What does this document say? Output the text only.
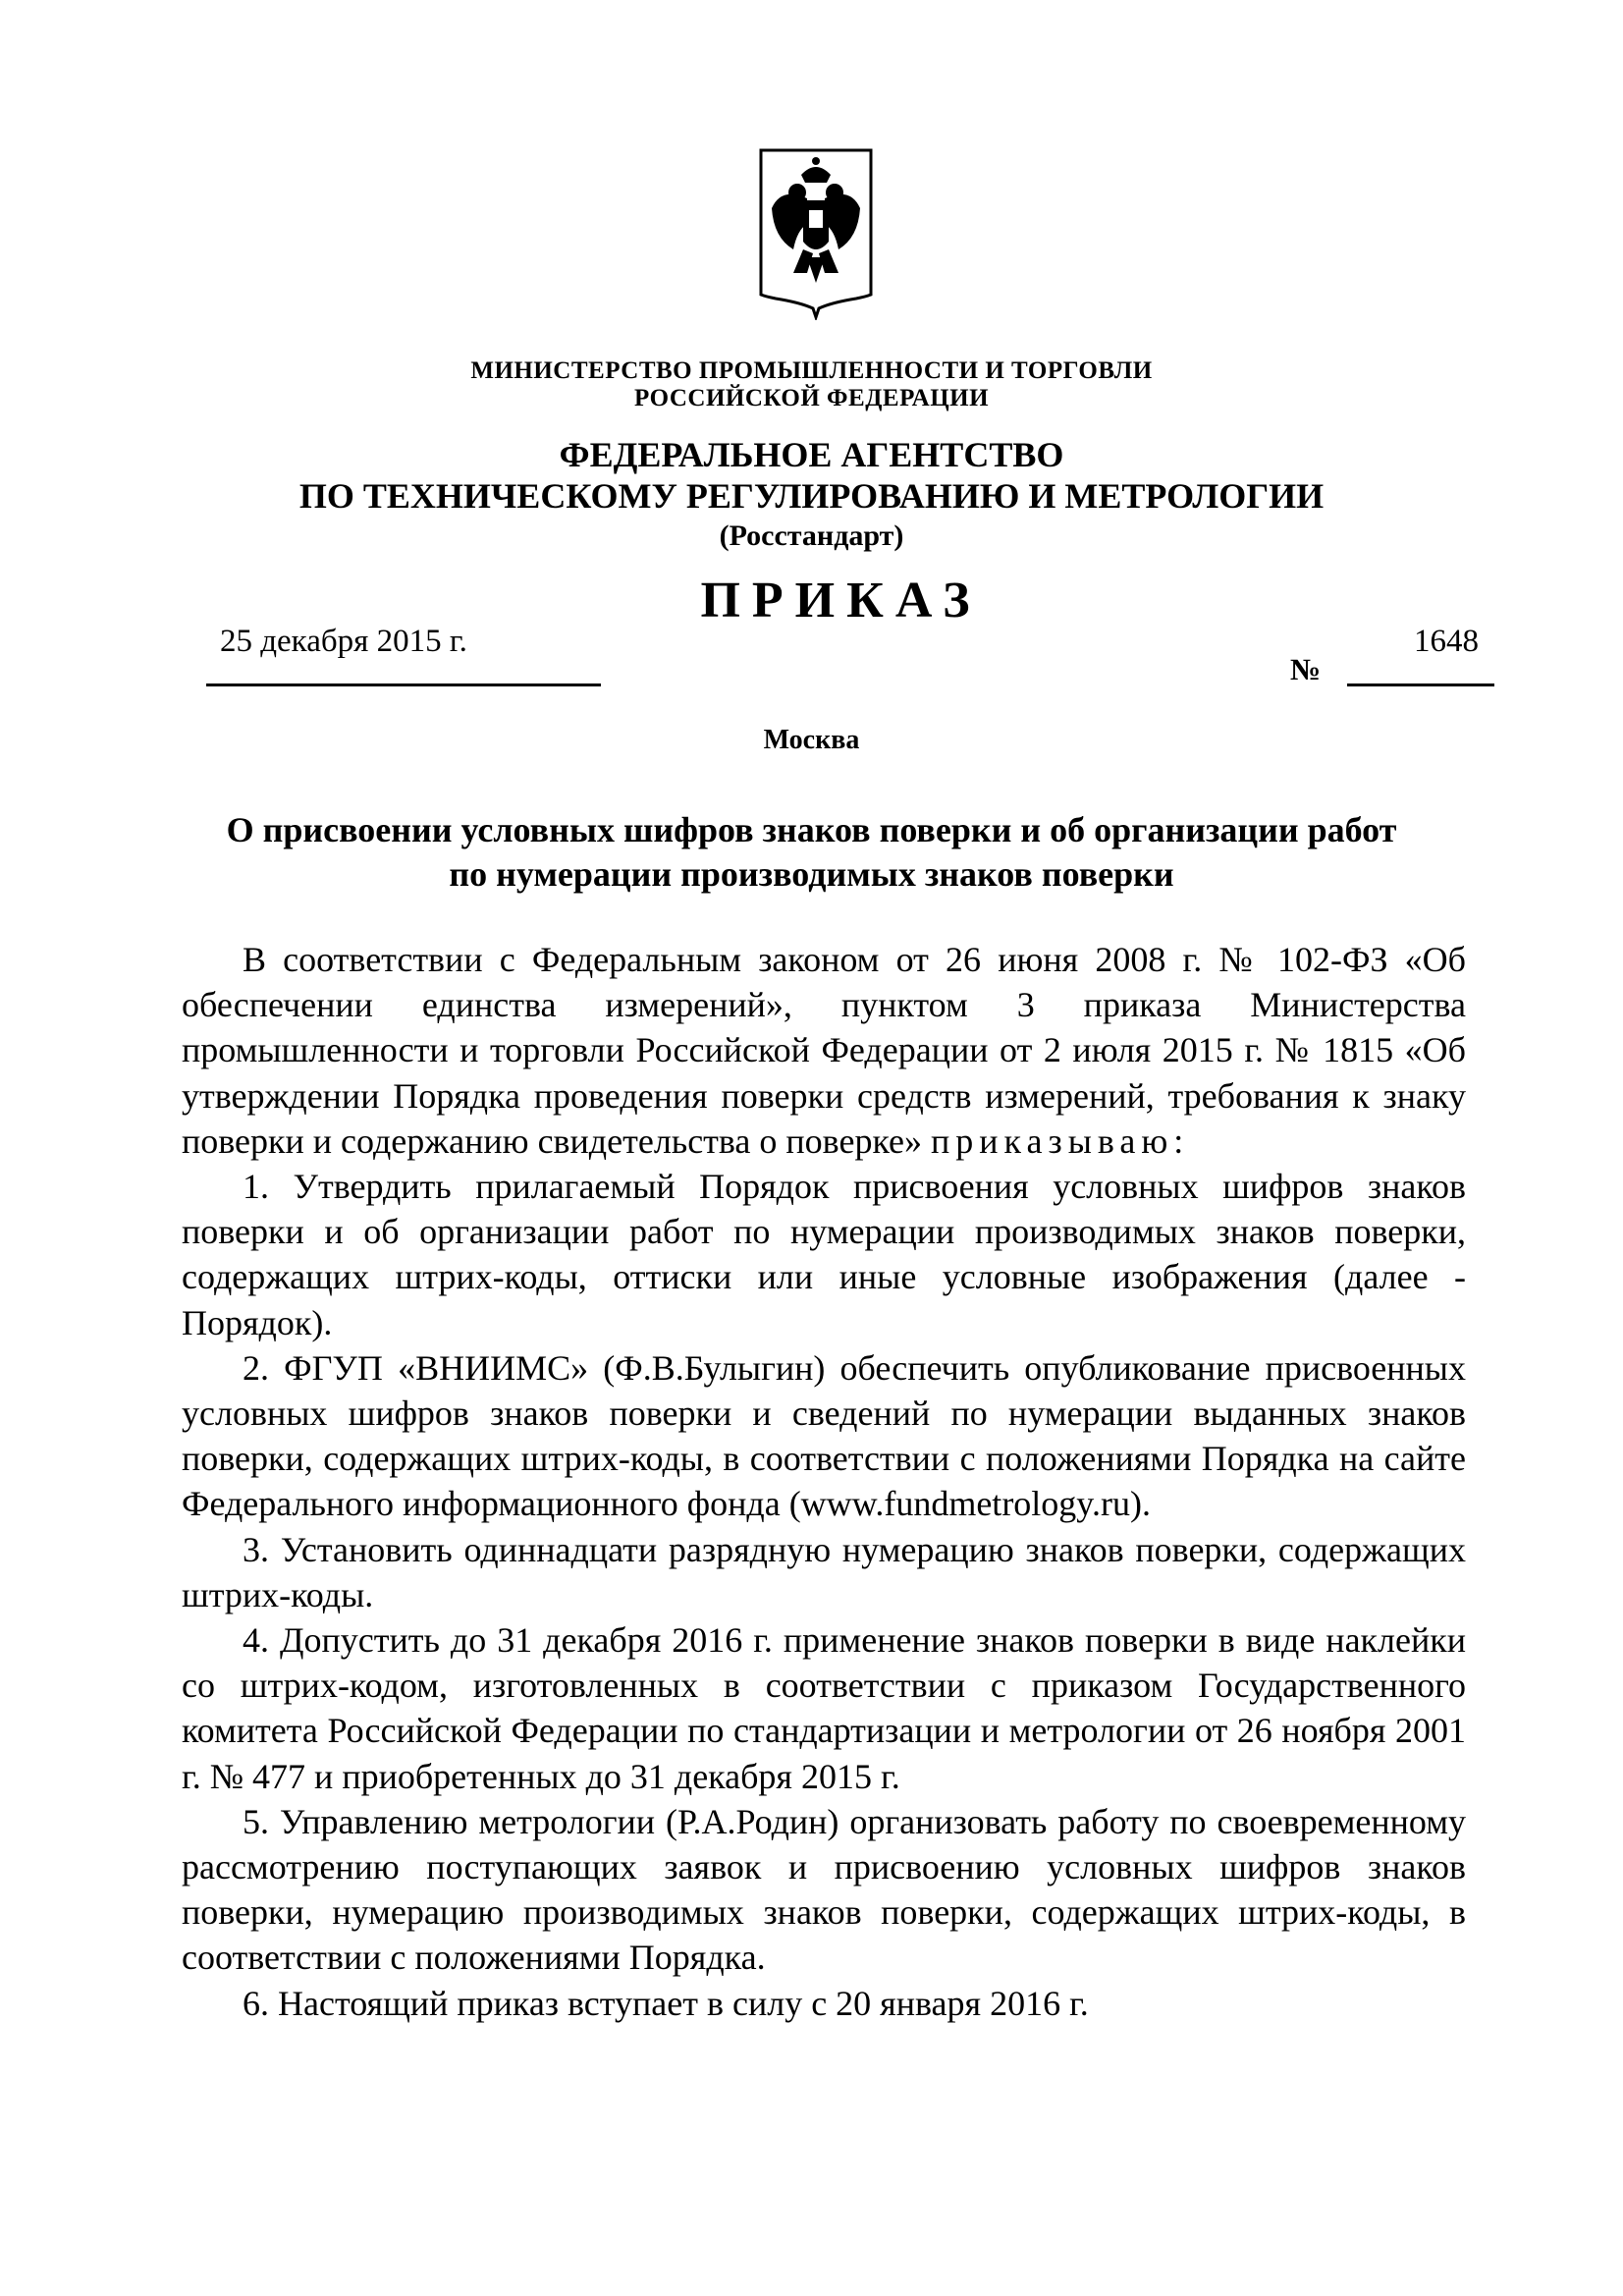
МИНИСТЕРСТВО ПРОМЫШЛЕННОСТИ И ТОРГОВЛИ
РОССИЙСКОЙ ФЕДЕРАЦИИ
ФЕДЕРАЛЬНОЕ АГЕНТСТВО
ПО ТЕХНИЧЕСКОМУ РЕГУЛИРОВАНИЮ И МЕТРОЛОГИИ
(Росстандарт)
ПРИКАЗ
25 декабря 2015 г.	1648
№
Москва
О присвоении условных шифров знаков поверки и об организации работ
по нумерации производимых знаков поверки

В соответствии с Федеральным законом от 26 июня 2008 г. № 102-ФЗ «Об обеспечении единства измерений», пунктом 3 приказа Министерства промышленности и торговли Российской Федерации от 2 июля 2015 г. № 1815 «Об утверждении Порядка проведения поверки средств измерений, требования к знаку поверки и содержанию свидетельства о поверке» приказываю:

1. Утвердить прилагаемый Порядок присвоения условных шифров знаков поверки и об организации работ по нумерации производимых знаков поверки, содержащих штрих-коды, оттиски или иные условные изображения (далее - Порядок).

2. ФГУП «ВНИИМС» (Ф.В.Булыгин) обеспечить опубликование присвоенных условных шифров знаков поверки и сведений по нумерации выданных знаков поверки, содержащих штрих-коды, в соответствии с положениями Порядка на сайте Федерального информационного фонда (www.fundmetrology.ru).

3. Установить одиннадцати разрядную нумерацию знаков поверки, содержащих штрих-коды.

4. Допустить до 31 декабря 2016 г. применение знаков поверки в виде наклейки со штрих-кодом, изготовленных в соответствии с приказом Государственного комитета Российской Федерации по стандартизации и метрологии от 26 ноября 2001 г. № 477 и приобретенных до 31 декабря 2015 г.

5. Управлению метрологии (Р.А.Родин) организовать работу по своевременному рассмотрению поступающих заявок и присвоению условных шифров знаков поверки, нумерацию производимых знаков поверки, содержащих штрих-коды, в соответствии с положениями Порядка.

6. Настоящий приказ вступает в силу с 20 января 2016 г.
